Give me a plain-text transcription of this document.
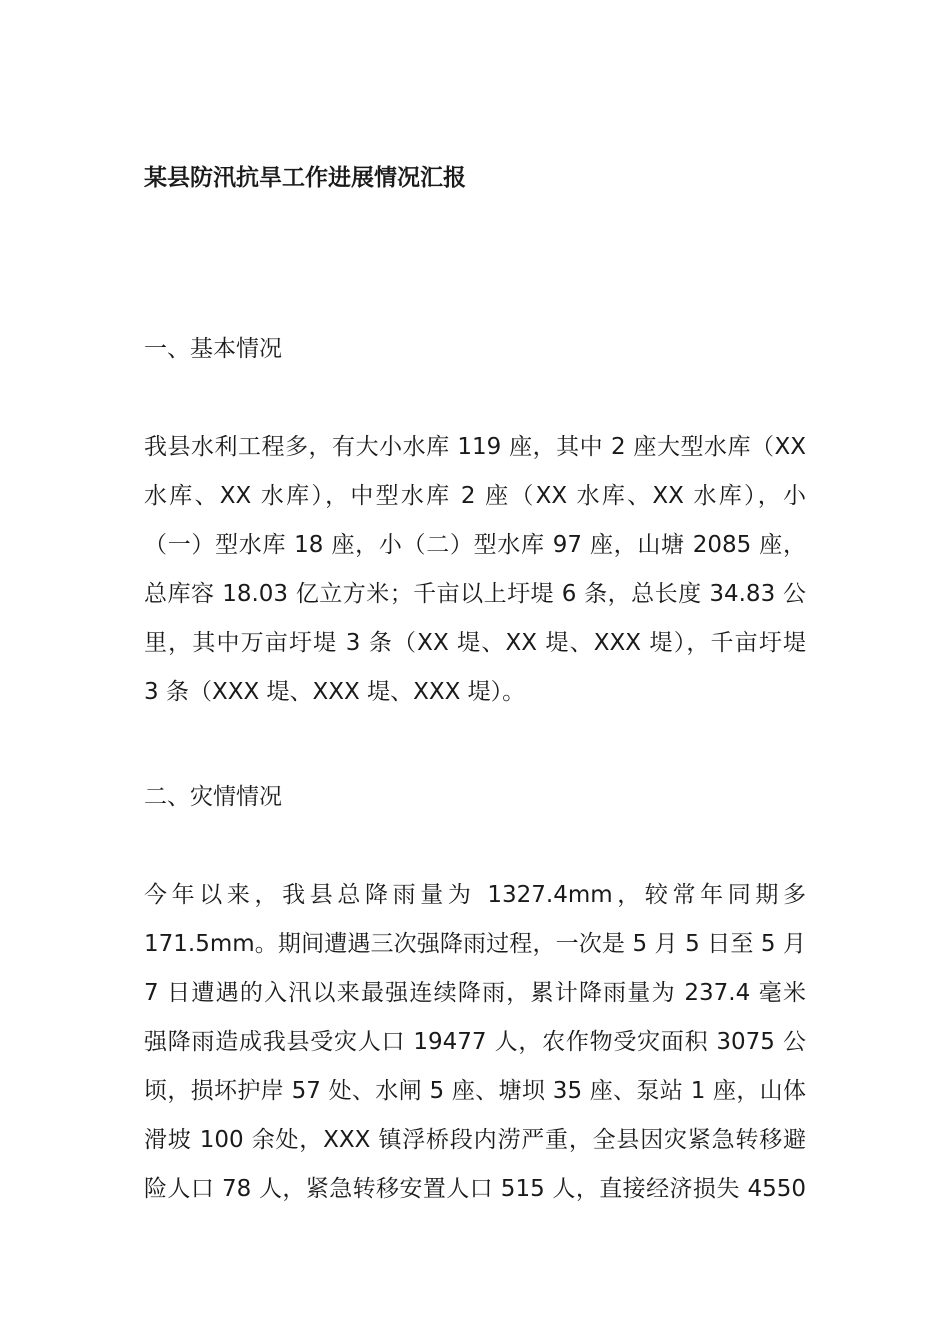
某县防汛抗旱工作进展情况汇报
一、基本情况
我县水利工程多，有大小水库 119 座，其中 2 座大型水库（XX
水库、XX 水库），中型水库 2 座（XX 水库、XX 水库），小
（一）型水库 18 座，小（二）型水库 97 座，山塘 2085 座，
总库容 18.03 亿立方米；千亩以上圩堤 6 条，总长度 34.83 公
里，其中万亩圩堤 3 条（XX 堤、XX 堤、XXX 堤），千亩圩堤
3 条（XXX 堤、XXX 堤、XXX 堤）。
二、灾情情况
今年以来，我县总降雨量为 1327.4mm，较常年同期多
171.5mm。期间遭遇三次强降雨过程，一次是 5 月 5 日至 5 月
7 日遭遇的入汛以来最强连续降雨，累计降雨量为 237.4 毫米
强降雨造成我县受灾人口 19477 人，农作物受灾面积 3075 公
顷，损坏护岸 57 处、水闸 5 座、塘坝 35 座、泵站 1 座，山体
滑坡 100 余处，XXX 镇浮桥段内涝严重，全县因灾紧急转移避
险人口 78 人，紧急转移安置人口 515 人，直接经济损失 4550
